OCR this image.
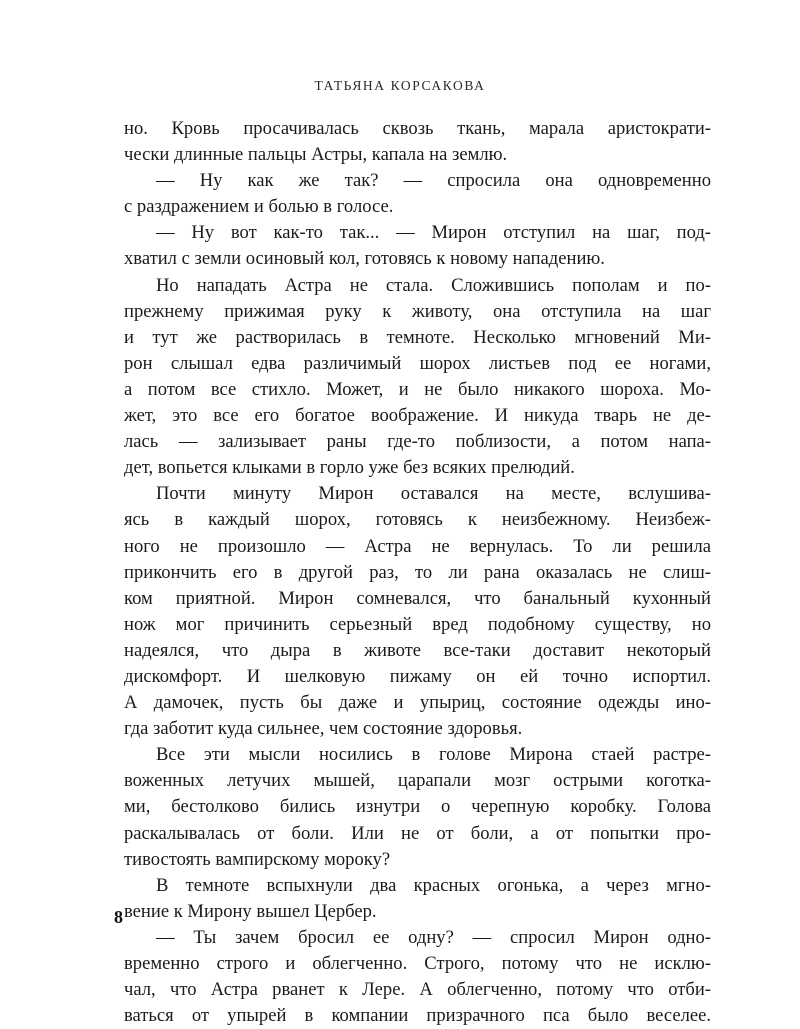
ТАТЬЯНА КОРСАКОВА
но. Кровь просачивалась сквозь ткань, марала аристократи-
чески длинные пальцы Астры, капала на землю.
— Ну как же так? — спросила она одновременно
с раздражением и болью в голосе.
— Ну вот как-то так... — Мирон отступил на шаг, под-
хватил с земли осиновый кол, готовясь к новому нападению.
Но нападать Астра не стала. Сложившись пополам и по-
прежнему прижимая руку к животу, она отступила на шаг
и тут же растворилась в темноте. Несколько мгновений Ми-
рон слышал едва различимый шорох листьев под ее ногами,
а потом все стихло. Может, и не было никакого шороха. Мо-
жет, это все его богатое воображение. И никуда тварь не де-
лась — зализывает раны где-то поблизости, а потом напа-
дет, вопьется клыками в горло уже без всяких прелюдий.
Почти минуту Мирон оставался на месте, вслушива-
ясь в каждый шорох, готовясь к неизбежному. Неизбеж-
ного не произошло — Астра не вернулась. То ли решила
прикончить его в другой раз, то ли рана оказалась не слиш-
ком приятной. Мирон сомневался, что банальный кухонный
нож мог причинить серьезный вред подобному существу, но
надеялся, что дыра в животе все-таки доставит некоторый
дискомфорт. И шелковую пижаму он ей точно испортил.
А дамочек, пусть бы даже и упыриц, состояние одежды ино-
гда заботит куда сильнее, чем состояние здоровья.
Все эти мысли носились в голове Мирона стаей растре-
воженных летучих мышей, царапали мозг острыми коготка-
ми, бестолково бились изнутри о черепную коробку. Голова
раскалывалась от боли. Или не от боли, а от попытки про-
тивостоять вампирскому мороку?
В темноте вспыхнули два красных огонька, а через мгно-
вение к Мирону вышел Цербер.
— Ты зачем бросил ее одну? — спросил Мирон одно-
временно строго и облегченно. Строго, потому что не исклю-
чал, что Астра рванет к Лере. А облегченно, потому что отби-
ваться от упырей в компании призрачного пса было веселее.
8
